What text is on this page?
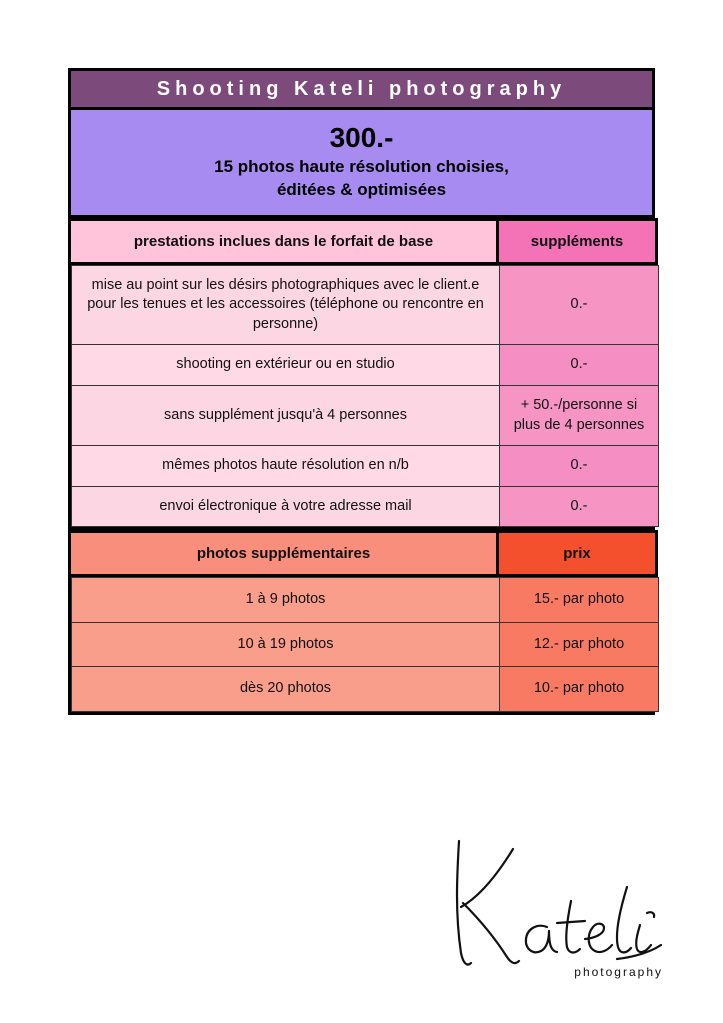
Shooting Kateli photography
300.-
15 photos haute résolution choisies,
éditées & optimisées
prestations inclues dans le forfait de base	suppléments
mise au point sur les désirs photographiques avec le client.e pour les tenues et les accessoires (téléphone ou rencontre en personne)	0.-
shooting en extérieur ou en studio	0.-
sans supplément jusqu'à 4 personnes	+ 50.-/personne si plus de 4 personnes
mêmes photos haute résolution en n/b	0.-
envoi électronique à votre adresse mail	0.-
photos supplémentaires	prix
1 à 9 photos	15.- par photo
10 à 19 photos	12.- par photo
dès 20 photos	10.- par photo
photography
